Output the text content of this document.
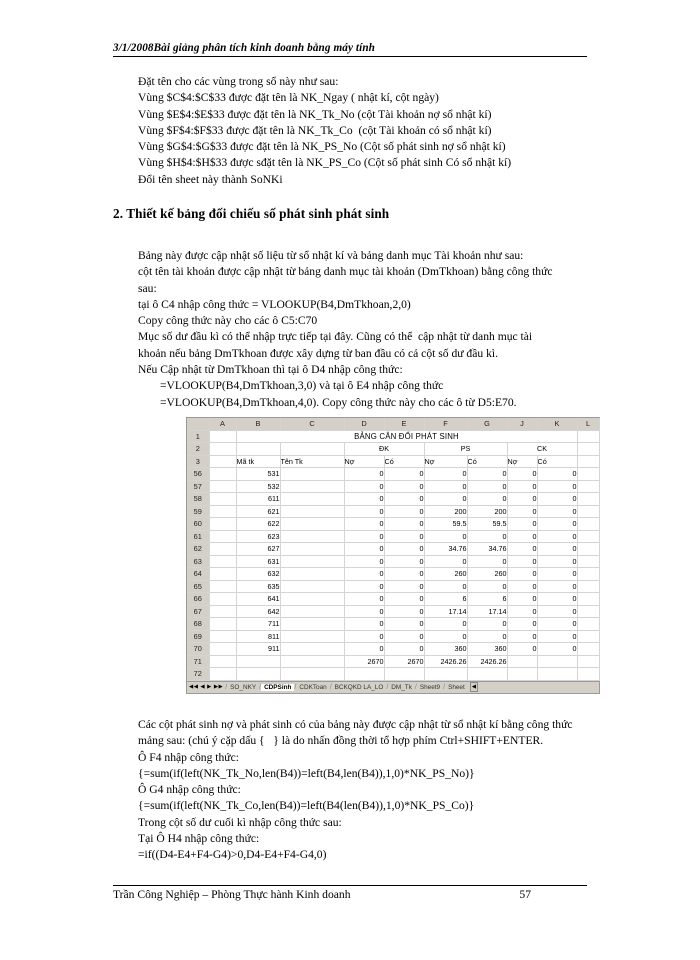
3/1/2008Bài giảng phân tích kinh doanh bằng máy tính

Đặt tên cho các vùng trong sổ này như sau:

Vùng $C$4:$C$33 được đặt tên là NK_Ngay ( nhật kí, cột ngày)

Vùng $E$4:$E$33 được đặt tên là NK_Tk_No (cột Tài khoản nợ sổ nhật kí)

Vùng $F$4:$F$33 được đặt tên là NK_Tk_Co  (cột Tài khoản có sổ nhật kí)

Vùng $G$4:$G$33 được đặt tên là NK_PS_No (Cột số phát sinh nợ sổ nhật kí)

Vùng $H$4:$H$33 được sđặt tên là NK_PS_Co (Cột số phát sinh Có sổ nhật kí)

Đổi tên sheet này thành SoNKi

2. Thiết kế bảng đối chiếu số phát sinh phát sinh

Bảng này được cập nhật số liệu từ sổ nhật kí và bảng danh mục Tài khoản như sau:

cột tên tài khoản được cập nhật từ bảng danh mục tài khoản (DmTkhoan) bằng công thức

sau:

tại ô C4 nhập công thức = VLOOKUP(B4,DmTkhoan,2,0)

Copy công thức này cho các ô C5:C70

Mục số dư đầu kì có thể nhập trực tiếp tại đây. Cũng có thể  cập nhật từ danh mục tài

khoản nếu bảng DmTkhoan được xây dựng từ ban đầu có cả cột số dư đầu kì.

Nếu Cập nhật từ DmTkhoan thì tại ô D4 nhập công thức:

=VLOOKUP(B4,DmTkhoan,3,0) và tại ô E4 nhập công thức

=VLOOKUP(B4,DmTkhoan,4,0). Copy công thức này cho các ô từ D5:E70.

	A	B	C	D	E	F	G	J	K	L
1		BẢNG CÂN ĐỐI PHÁT SINH								
2				ĐK		PS		CK		
3		Mã tk	Tên Tk	Nợ	Có	Nợ	Có	Nợ	Có	
56		531		0	0	0	0	0	0	
57		532		0	0	0	0	0	0	
58		611		0	0	0	0	0	0	
59		621		0	0	200	200	0	0	
60		622		0	0	59.5	59.5	0	0	
61		623		0	0	0	0	0	0	
62		627		0	0	34.76	34.76	0	0	
63		631		0	0	0	0	0	0	
64		632		0	0	260	260	0	0	
65		635		0	0	0	0	0	0	
66		641		0	0	6	6	0	0	
67		642		0	0	17.14	17.14	0	0	
68		711		0	0	0	0	0	0	
69		811		0	0	0	0	0	0	
70		911		0	0	360	360	0	0	
71				2670	2670	2426.26	2426.26			
72										
◀◀ ◀ ▶ ▶▶ / SO_NKY	CDPSinh / CDKToan / BCKQKD LA_LO / DM_Tk / Sheet9 / Sheet	◀

Các cột phát sinh nợ và phát sinh có của bảng này được cập nhật từ sổ nhật kí bằng công thức

mảng sau: (chú ý cặp dấu {   } là do nhấn đồng thời tổ hợp phím Ctrl+SHIFT+ENTER.

Ô F4 nhập công thức:

{=sum(if(left(NK_Tk_No,len(B4))=left(B4,len(B4)),1,0)*NK_PS_No)}

Ô G4 nhập công thức:

{=sum(if(left(NK_Tk_Co,len(B4))=left(B4(len(B4)),1,0)*NK_PS_Co)}

Trong cột số dư cuối kì nhập công thức sau:

Tại Ô H4 nhập công thức:

=if((D4-E4+F4-G4)>0,D4-E4+F4-G4,0)

Trần Công Nghiệp – Phòng Thực hành Kinh doanh	57
